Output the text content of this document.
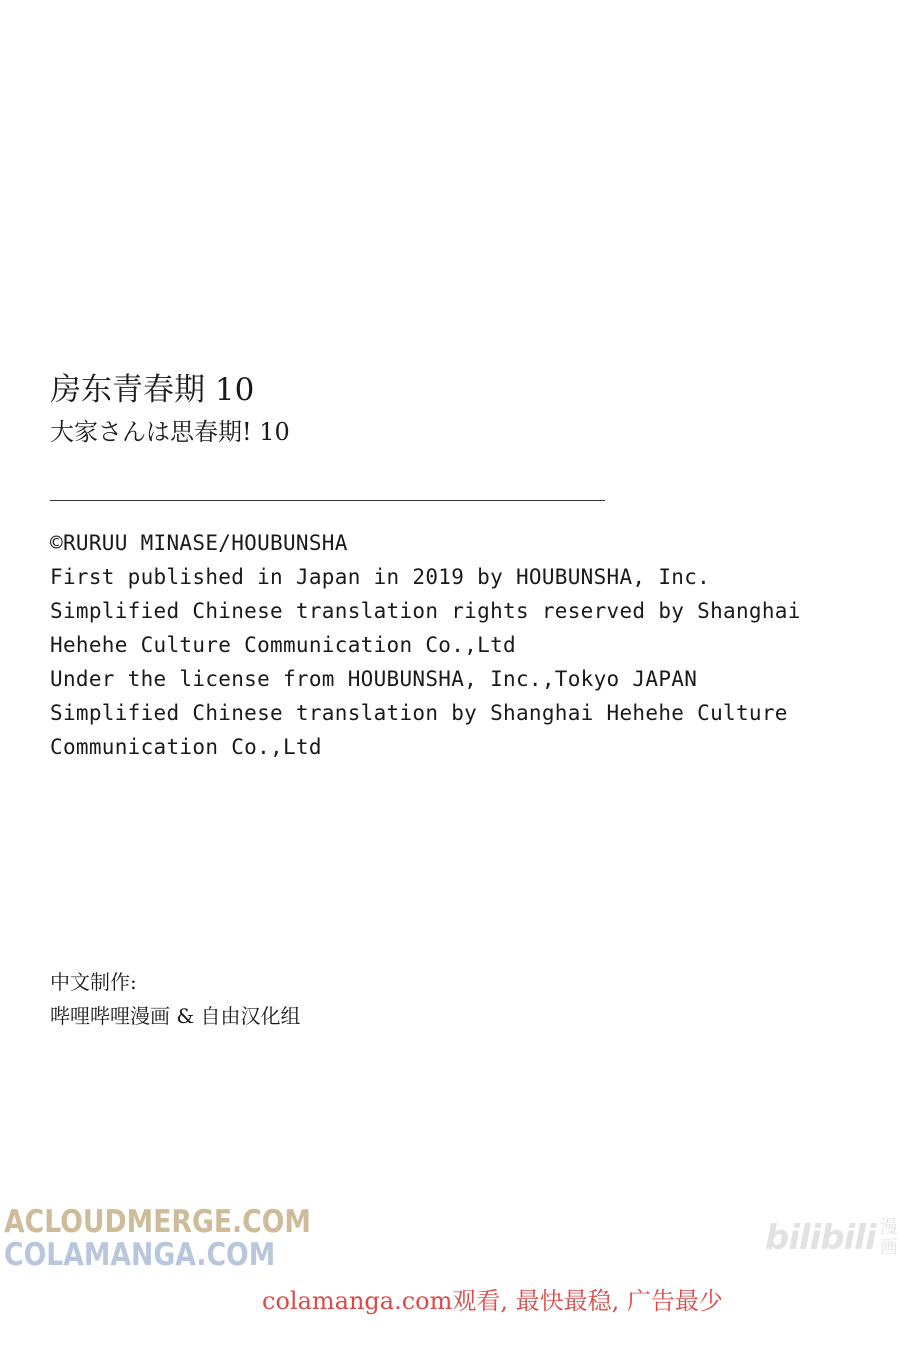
房东青春期 10
大家さんは思春期! 10
©RURUU MINASE/HOUBUNSHA
First published in Japan in 2019 by HOUBUNSHA, Inc.
Simplified Chinese translation rights reserved by Shanghai
Hehehe Culture Communication Co.,Ltd
Under the license from HOUBUNSHA, Inc.,Tokyo JAPAN
Simplified Chinese translation by Shanghai Hehehe Culture
Communication Co.,Ltd
中文制作:
哔哩哔哩漫画 & 自由汉化组
ACLOUDMERGE.COM
COLAMANGA.COM	bilibili 漫
画
colamanga.com观看, 最快最稳, 广告最少
